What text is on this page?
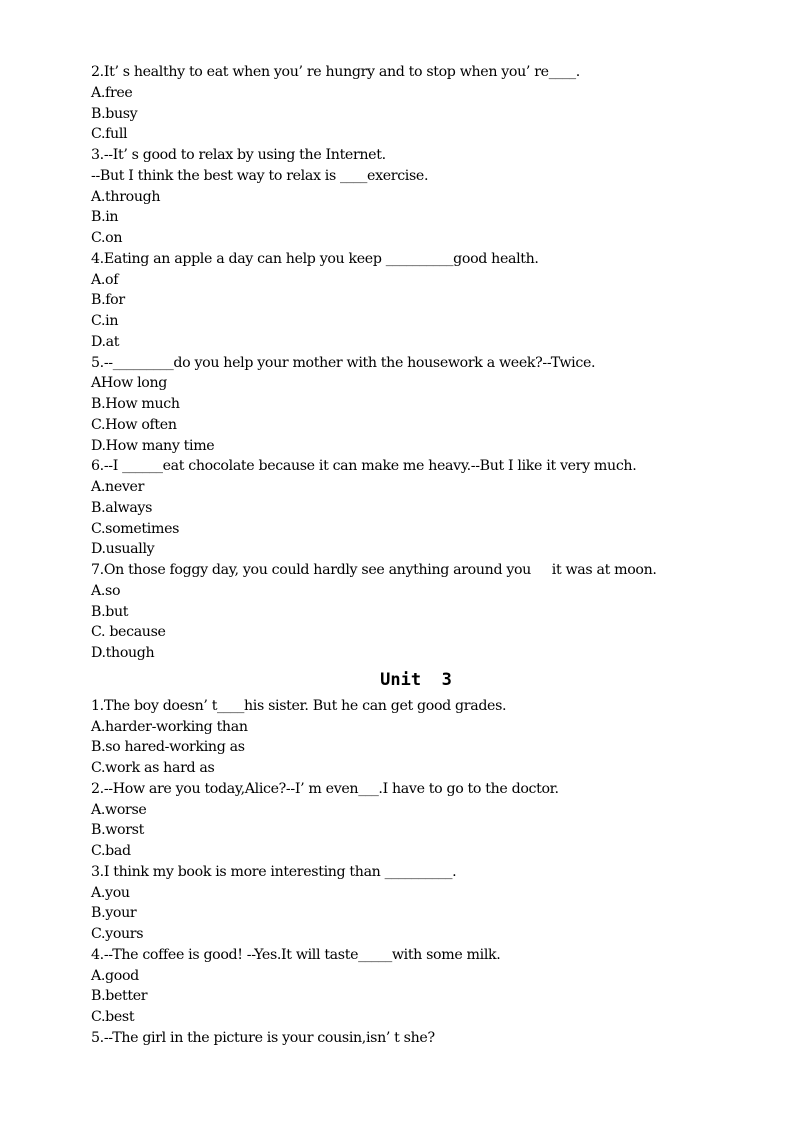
2.It’ s healthy to eat when you’ re hungry and to stop when you’ re____.
A.free
B.busy
C.full
3.--It’ s good to relax by using the Internet.
--But I think the best way to relax is ____exercise.
A.through
B.in
C.on
4.Eating an apple a day can help you keep __________good health.
A.of
B.for
C.in
D.at
5.--_________do you help your mother with the housework a week?--Twice.
AHow long
B.How much
C.How often
D.How many time
6.--I ______eat chocolate because it can make me heavy.--But I like it very much.
A.never
B.always
C.sometimes
D.usually
7.On those foggy day, you could hardly see anything around you     it was at moon.
A.so
B.but
C. because
D.though
Unit  3
1.The boy doesn’ t____his sister. But he can get good grades.
A.harder-working than
B.so hared-working as
C.work as hard as
2.--How are you today,Alice?--I’ m even___.I have to go to the doctor.
A.worse
B.worst
C.bad
3.I think my book is more interesting than __________.
A.you
B.your
C.yours
4.--The coffee is good! --Yes.It will taste_____with some milk.
A.good
B.better
C.best
5.--The girl in the picture is your cousin,isn’ t she?
